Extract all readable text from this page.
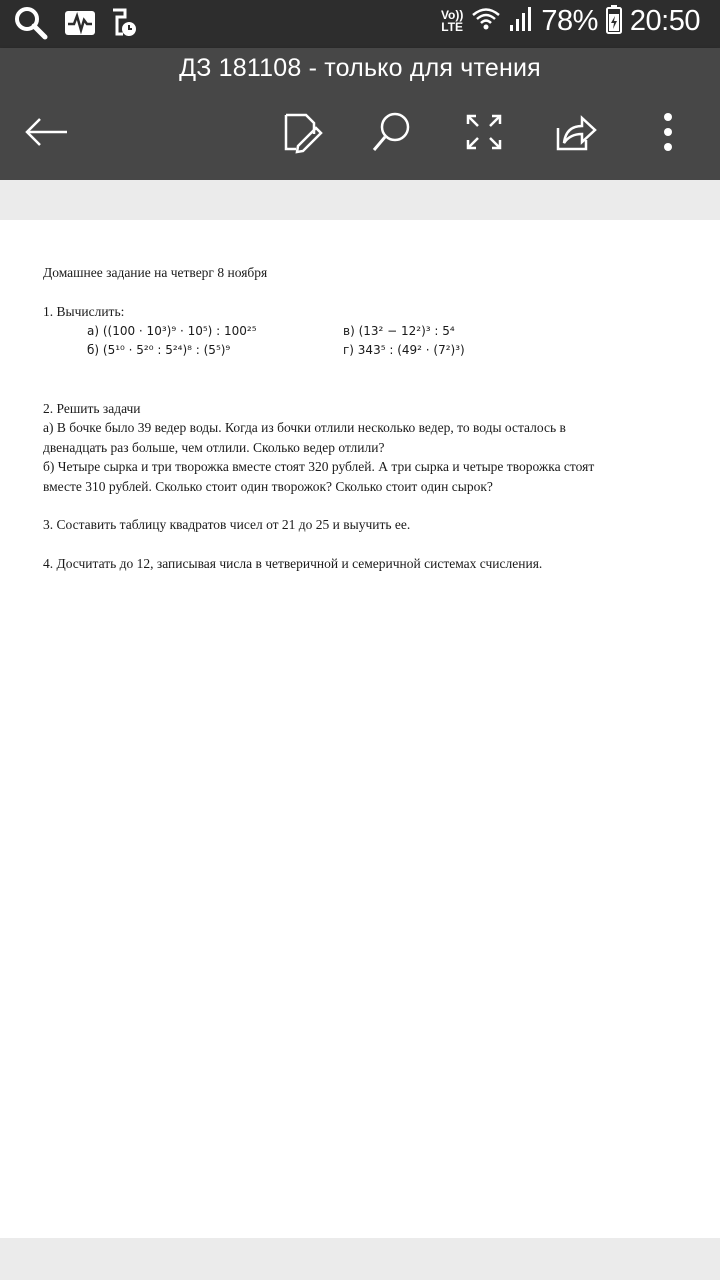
Vo))
LTE	78% 20:50
ДЗ 181108 - только для чтения
Домашнее задание на четверг 8 ноября
1. Вычислить:
а) ((100 · 10³)⁹ · 10⁵) : 100²⁵
б) (5¹⁰ · 5²⁰ : 5²⁴)⁸ : (5⁵)⁹
в) (13² − 12²)³ : 5⁴
г) 343⁵ : (49² · (7²)³)
2. Решить задачи
а) В бочке было 39 ведер воды. Когда из бочки отлили несколько ведер, то воды осталось в
двенадцать раз больше, чем отлили. Сколько ведер отлили?
б) Четыре сырка и три творожка вместе стоят 320 рублей. А три сырка и четыре творожка стоят
вместе 310 рублей. Сколько стоит один творожок? Сколько стоит один сырок?
3. Составить таблицу квадратов чисел от 21 до 25 и выучить ее.
4. Досчитать до 12, записывая числа в четверичной и семеричной системах счисления.
